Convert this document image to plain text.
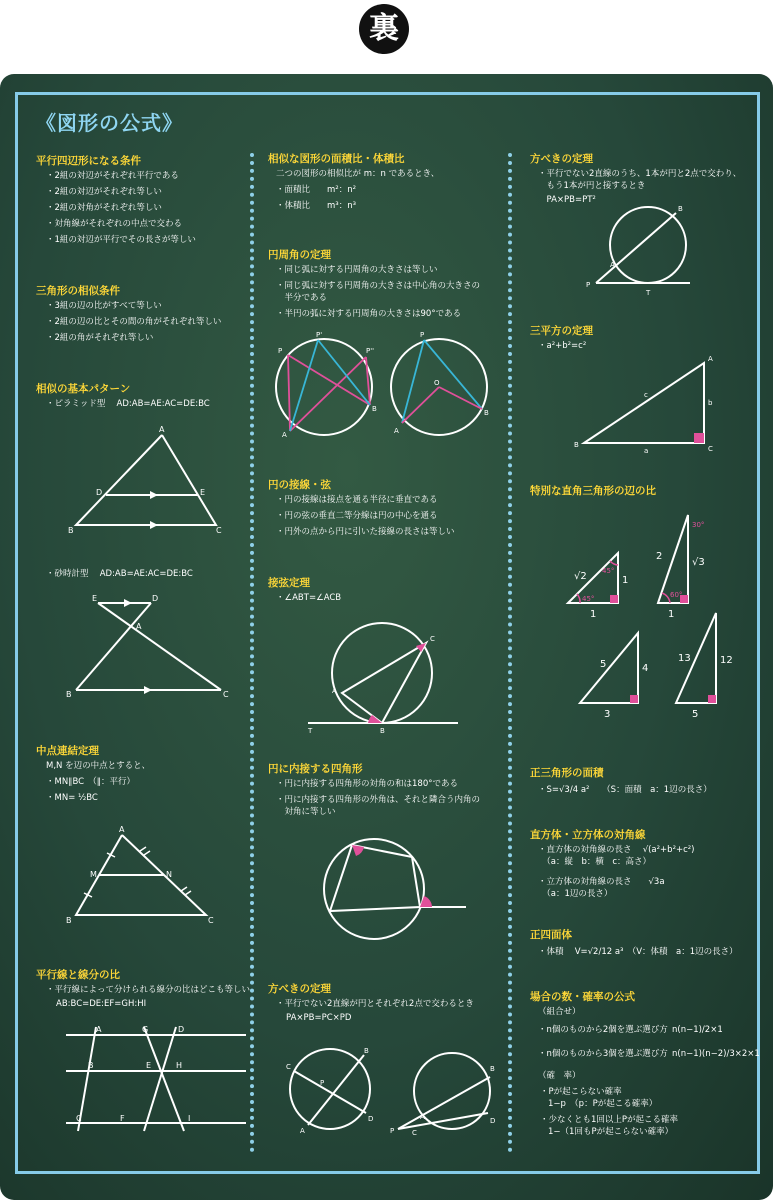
裏
《図形の公式》
平行四辺形になる条件
・2組の対辺がそれぞれ平行である
・2組の対辺がそれぞれ等しい
・2組の対角がそれぞれ等しい
・対角線がそれぞれの中点で交わる
・1組の対辺が平行でその長さが等しい
三角形の相似条件
・3組の辺の比がすべて等しい
・2組の辺の比とその間の角がそれぞれ等しい
・2組の角がそれぞれ等しい
相似の基本パターン
・ピラミッド型　 AD:AB=AE:AC=DE:BC
A
D	E
B	C
・砂時計型　 AD:AB=AE:AC=DE:BC
E	D
A
B	C
中点連結定理
M,N を辺の中点とすると、
・MN∥BC　（∥：平行）
・MN= ½BC
A
M	N
B	C
平行線と線分の比
・平行線によって分けられる線分の比はどこも等しい
AB:BC=DE:EF=GH:HI
A	G	D
B	E	H
C	F	I
相似な図形の面積比・体積比
二つの図形の相似比が m：n であるとき、
・面積比　　m²：n²
・体積比　　m³：n³
円周角の定理
・同じ弧に対する円周角の大きさは等しい
・同じ弧に対する円周角の大きさは中心角の大きさの
　半分である
・半円の弧に対する円周角の大きさは90°である
P
P'
P''
A
B
P
O
A
B
円の接線・弦
・円の接線は接点を通る半径に垂直である
・円の弦の垂直二等分線は円の中心を通る
・円外の点から円に引いた接線の長さは等しい
接弦定理
・∠ABT=∠ACB
T	B
C
A
円に内接する四角形
・円に内接する四角形の対角の和は180°である
・円に内接する四角形の外角は、それと隣合う内角の
　対角に等しい
方べきの定理
・平行でない2直線が円とそれぞれ2点で交わるとき
PA×PB=PC×PD
C
B
P
A
D
P
B
A	D
C
方べきの定理
・平行でない2直線のうち、1本が円と2点で交わり、
　もう1本が円と接するとき
　PA×PB=PT²
B
A
P
T
三平方の定理
・a²+b²=c²
B
A
C
c
b
a
特別な直角三角形の辺の比
√2	1
1
45°
45°
2
√3
1
60°
30°
5	4
3
13	12
5
正三角形の面積
・S=√3/4 a²　　（S：面積　a：1辺の長さ）
直方体・立方体の対角線
・直方体の対角線の長さ　 √(a²+b²+c²)
　（a：縦　b：横　c：高さ）
・立方体の対角線の長さ　　√3a
　（a：1辺の長さ）
正四面体
・体積　 V=√2/12 a³　（V：体積　a：1辺の長さ）
場合の数・確率の公式
（組合せ）
・n個のものから2個を選ぶ選び方 n(n−1)/2×1
・n個のものから3個を選ぶ選び方 n(n−1)(n−2)/3×2×1
（確　率）
・Pが起こらない確率
1−p　（p：Pが起こる確率）
・少なくとも1回以上Pが起こる確率
1−（1回もPが起こらない確率）
